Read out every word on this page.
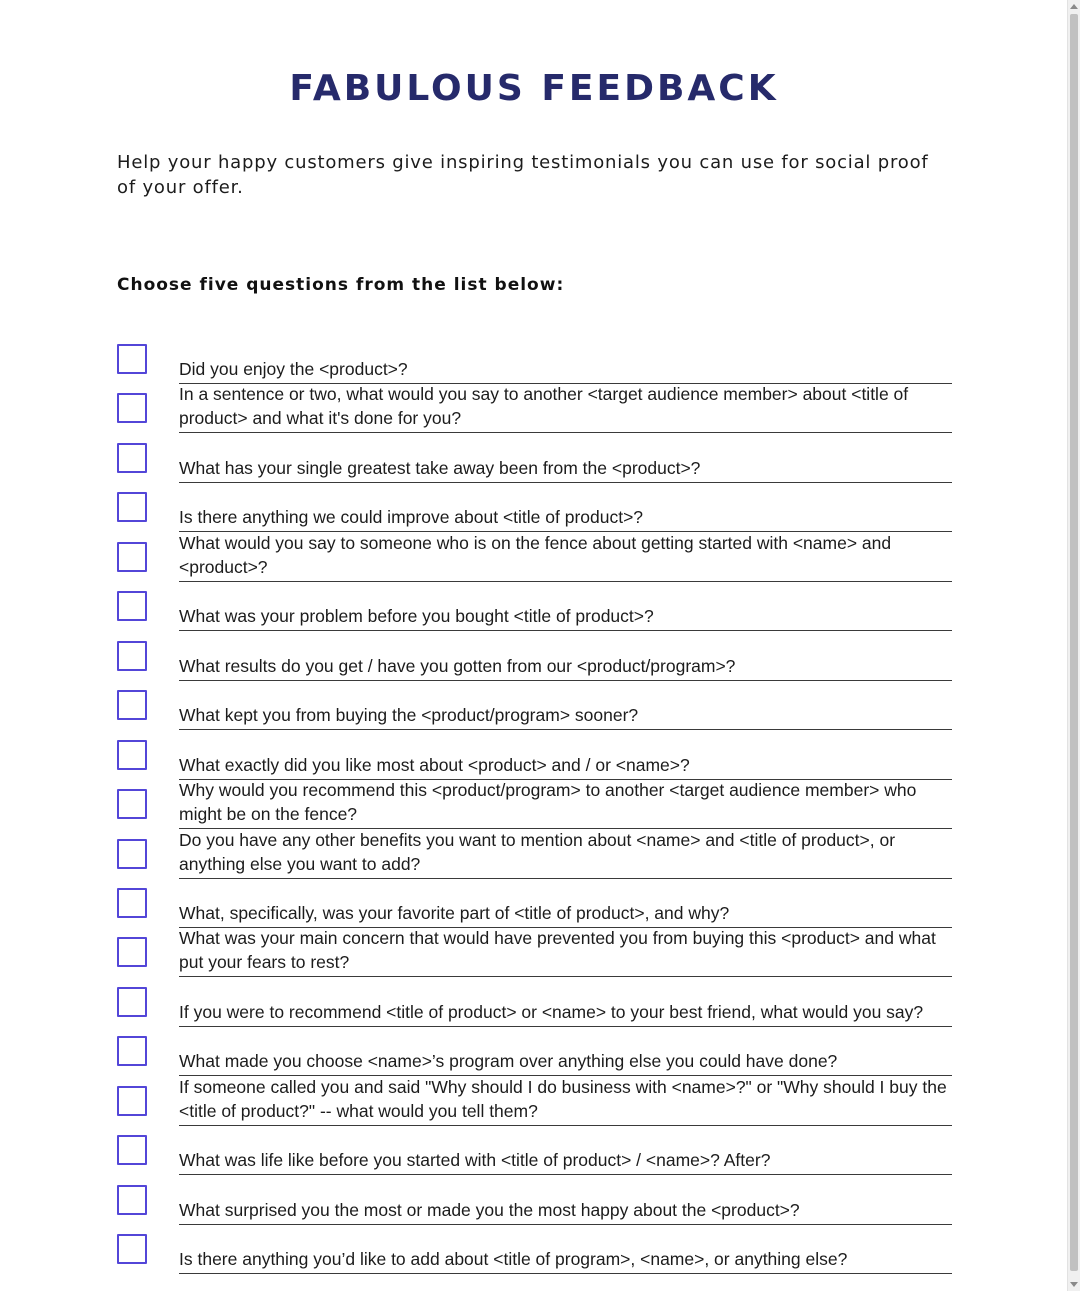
FABULOUS FEEDBACK

Help your happy customers give inspiring testimonials you can use for social proof of your offer.

Choose five questions from the list below:

Did you enjoy the <product>?
In a sentence or two, what would you say to another <target audience member> about <title of product> and what it's done for you?
What has your single greatest take away been from the <product>?
Is there anything we could improve about <title of product>?
What would you say to someone who is on the fence about getting started with <name> and <product>?
What was your problem before you bought <title of product>?
What results do you get / have you gotten from our <product/program>?
What kept you from buying the <product/program> sooner?
What exactly did you like most about <product> and / or <name>?
Why would you recommend this <product/program> to another <target audience member> who might be on the fence?
Do you have any other benefits you want to mention about <name> and <title of product>, or anything else you want to add?
What, specifically, was your favorite part of <title of product>, and why?
What was your main concern that would have prevented you from buying this <product> and what put your fears to rest?
If you were to recommend <title of product> or <name> to your best friend, what would you say?
What made you choose <name>’s program over anything else you could have done?
If someone called you and said "Why should I do business with <name>?" or "Why should I buy the <title of product?" -- what would you tell them?
What was life like before you started with <title of product> / <name>? After?
What surprised you the most or made you the most happy about the <product>?
Is there anything you’d like to add about <title of program>, <name>, or anything else?
